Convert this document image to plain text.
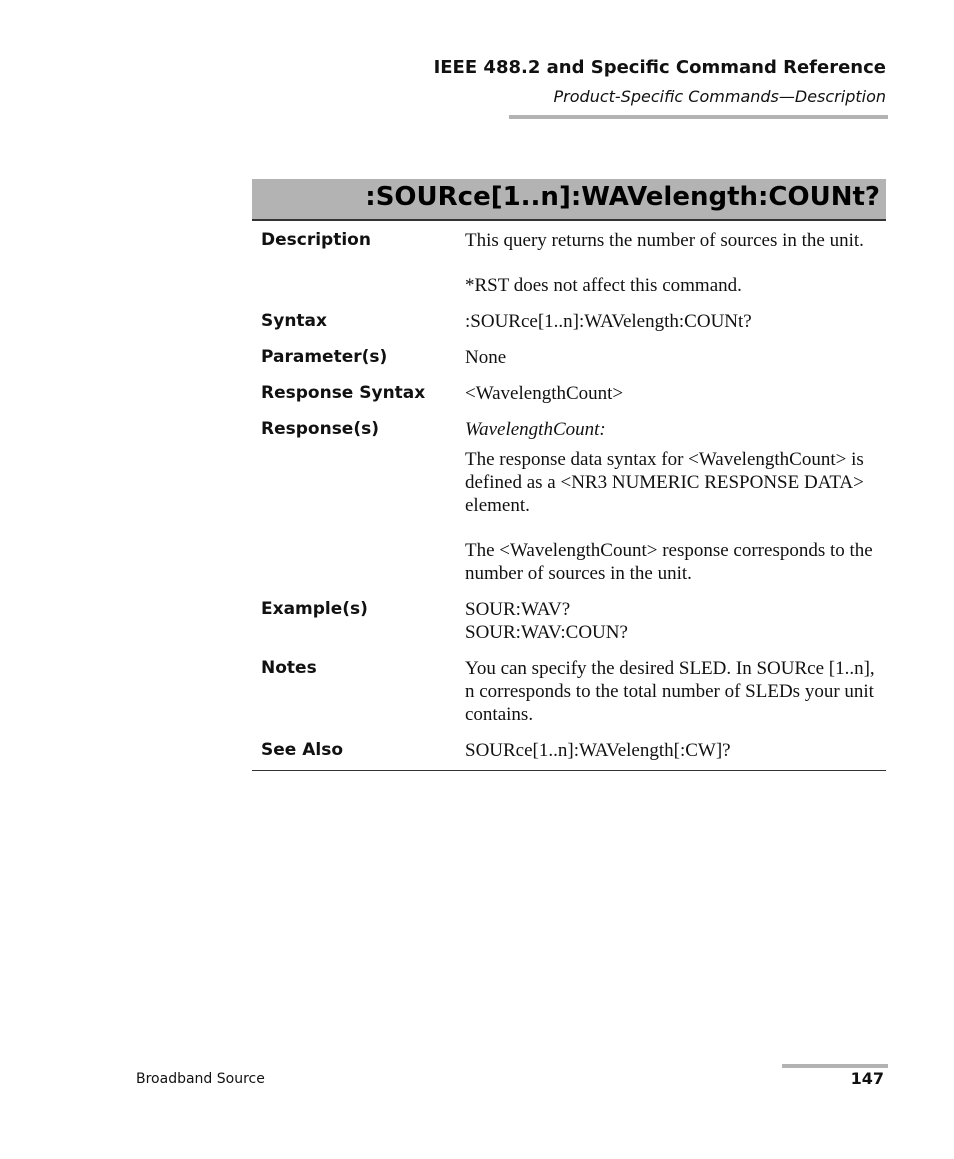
IEEE 488.2 and Specific Command Reference
Product-Specific Commands—Description
:SOURce[1..n]:WAVelength:COUNt?
Description	This query returns the number of sources in the unit.

*RST does not affect this command.

Syntax	:SOURce[1..n]:WAVelength:COUNt?
Parameter(s)	None
Response Syntax	<WavelengthCount>
Response(s)	WavelengthCount:

The response data syntax for <WavelengthCount> is defined as a <NR3 NUMERIC RESPONSE DATA> element.

The <WavelengthCount> response corresponds to the number of sources in the unit.

Example(s)	SOUR:WAV?

SOUR:WAV:COUN?

Notes	You can specify the desired SLED. In SOURce [1..n], n corresponds to the total number of SLEDs your unit contains.
See Also	SOURce[1..n]:WAVelength[:CW]?
Broadband Source	147
